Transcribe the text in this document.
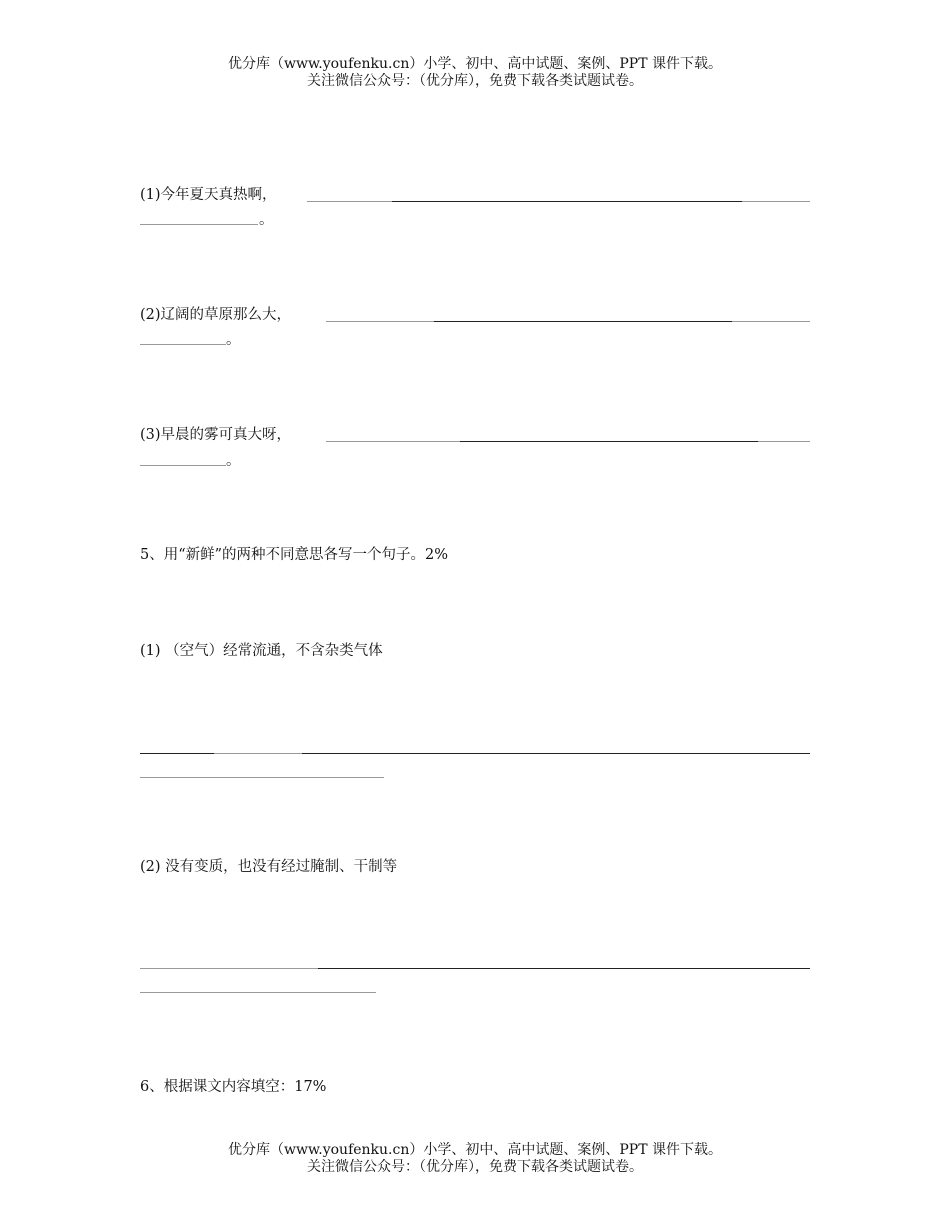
优分库（www.youfenku.cn）小学、初中、高中试题、案例、PPT 课件下载。
关注微信公众号：（优分库），免费下载各类试题试卷。
(1)今年夏天真热啊，
。
(2)辽阔的草原那么大，
。
(3)早晨的雾可真大呀，
。
5、用“新鲜”的两种不同意思各写一个句子。2%
(1) （空气）经常流通，不含杂类气体
(2) 没有变质，也没有经过腌制、干制等
6、根据课文内容填空：17%
优分库（www.youfenku.cn）小学、初中、高中试题、案例、PPT 课件下载。
关注微信公众号：（优分库），免费下载各类试题试卷。
